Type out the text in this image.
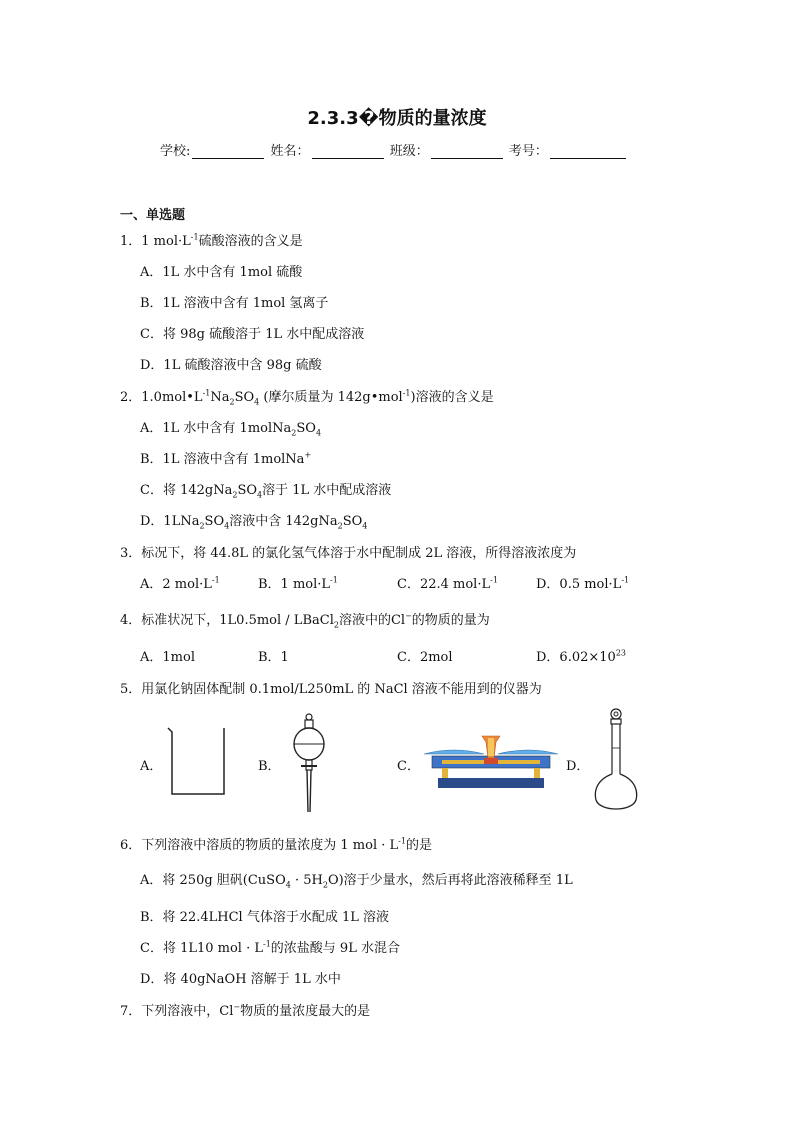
2.3.3�物质的量浓度
学校:	姓名：	班级：	考号：
一、单选题
1．1 $mol\cdot L^{-1}$硫酸溶液的含义是
A．1L 水中含有 1mol 硫酸
B．1L 溶液中含有 1mol 氢离子
C．将 98g 硫酸溶于 1L 水中配成溶液
D．1L 硫酸溶液中含 98g 硫酸
2．$1.0mol•L^{-1}Na_2SO_4$ (摩尔质量为 142g•mol$^{-1}$)溶液的含义是
A．1L 水中含有 $1molNa_2SO_4$
B．1L 溶液中含有 1molNa+
C．将 $142gNa_2SO_4$溶于 1L 水中配成溶液
D．$1LNa_2SO_4$溶液中含 $142gNa_2SO_4$
3．标况下，将 44.8L 的氯化氢气体溶于水中配制成 2L 溶液，所得溶液浓度为
A．2 $mol\cdot L^{-1}$	B．1 $mol\cdot L^{-1}$	C．22.4 $mol\cdot L^{-1}$	D．0.5 $mol\cdot L^{-1}$
4．标准状况下，1L0.5mol / LBaCl$_2$溶液中的Cl−的物质的量为
A．1mol	B．1	C．2mol	D．$6.02\times 10^{23}$
5．用氯化钠固体配制 0.1mol/L250mL 的 NaCl 溶液不能用到的仪器为
A．	B．	C．	D．
6．下列溶液中溶质的物质的量浓度为 1 mol · $L^{-1}$的是
A．将 250g 胆矾(CuSO$_4$ · $5H_2O$)溶于少量水，然后再将此溶液稀释至 1L
B．将 22.4LHCl 气体溶于水配成 1L 溶液
C．将 1L10 mol · $L^{-1}$的浓盐酸与 9L 水混合
D．将 40gNaOH 溶解于 1L 水中
7．下列溶液中，Cl−物质的量浓度最大的是
